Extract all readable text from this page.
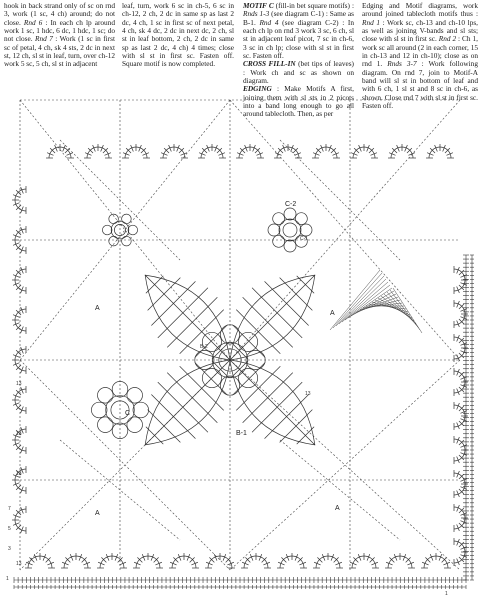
hook in back strand only of sc on rnd 3, work (1 sc, 4 ch) around; do not close. Rnd 6 : In each ch lp around work 1 sc, 1 hdc, 6 dc, 1 hdc, 1 sc; do not close. Rnd 7 : Work (1 sc in first sc of petal, 4 ch, sk 4 sts, 2 dc in next st, 12 ch, sl st in leaf, turn, over ch-12 work 5 sc, 5 ch, sl st in adjacent

leaf, turn, work 6 sc in ch-5, 6 sc in ch-12, 2 ch, 2 dc in same sp as last 2 dc, 4 ch, 1 sc in first sc of next petal, 4 ch, sk 4 dc, 2 dc in next dc, 2 ch, sl st in leaf bottom, 2 ch, 2 dc in same sp as last 2 dc, 4 ch) 4 times; close with sl st in first sc. Fasten off. Square motif is now completed.

MOTIF C (fill-in bet square motifs) : Rnds 1-3 (see diagram C-1) : Same as B-1. Rnd 4 (see diagram C-2) : In each ch lp on rnd 3 work 3 sc, 6 ch, sl st in adjacent leaf picot, 7 sc in ch-6, 3 sc in ch lp; close with sl st in first sc. Fasten off.

CROSS FILL-IN (bet tips of leaves) : Work ch and sc as shown on diagram.

EDGING : Make Motifs A first, joining them with sl sts in 2 picots into a band long enough to go all around tablecloth. Then, as per

Edging and Motif diagrams, work around joined tablecloth motifs thus : Rnd 1 : Work sc, ch-13 and ch-10 lps, as well as joining V-bands and sl sts; close with sl st in first sc. Rnd 2 : Ch 1, work sc all around (2 in each corner, 15 in ch-13 and 12 in ch-10); close as on rnd 1. Rnds 3-7 : Work following diagram. On rnd 7, join to Motif-A band will sl st in bottom of leaf and with 6 ch, 1 sl st and 8 sc in ch-6, as shown. Close rnd 7 with sl st in first sc. Fasten off.

A
A
A
A
B-1
C
C-2
C-1
B-2
1
1
13
13
13
13
13
3
5
7
